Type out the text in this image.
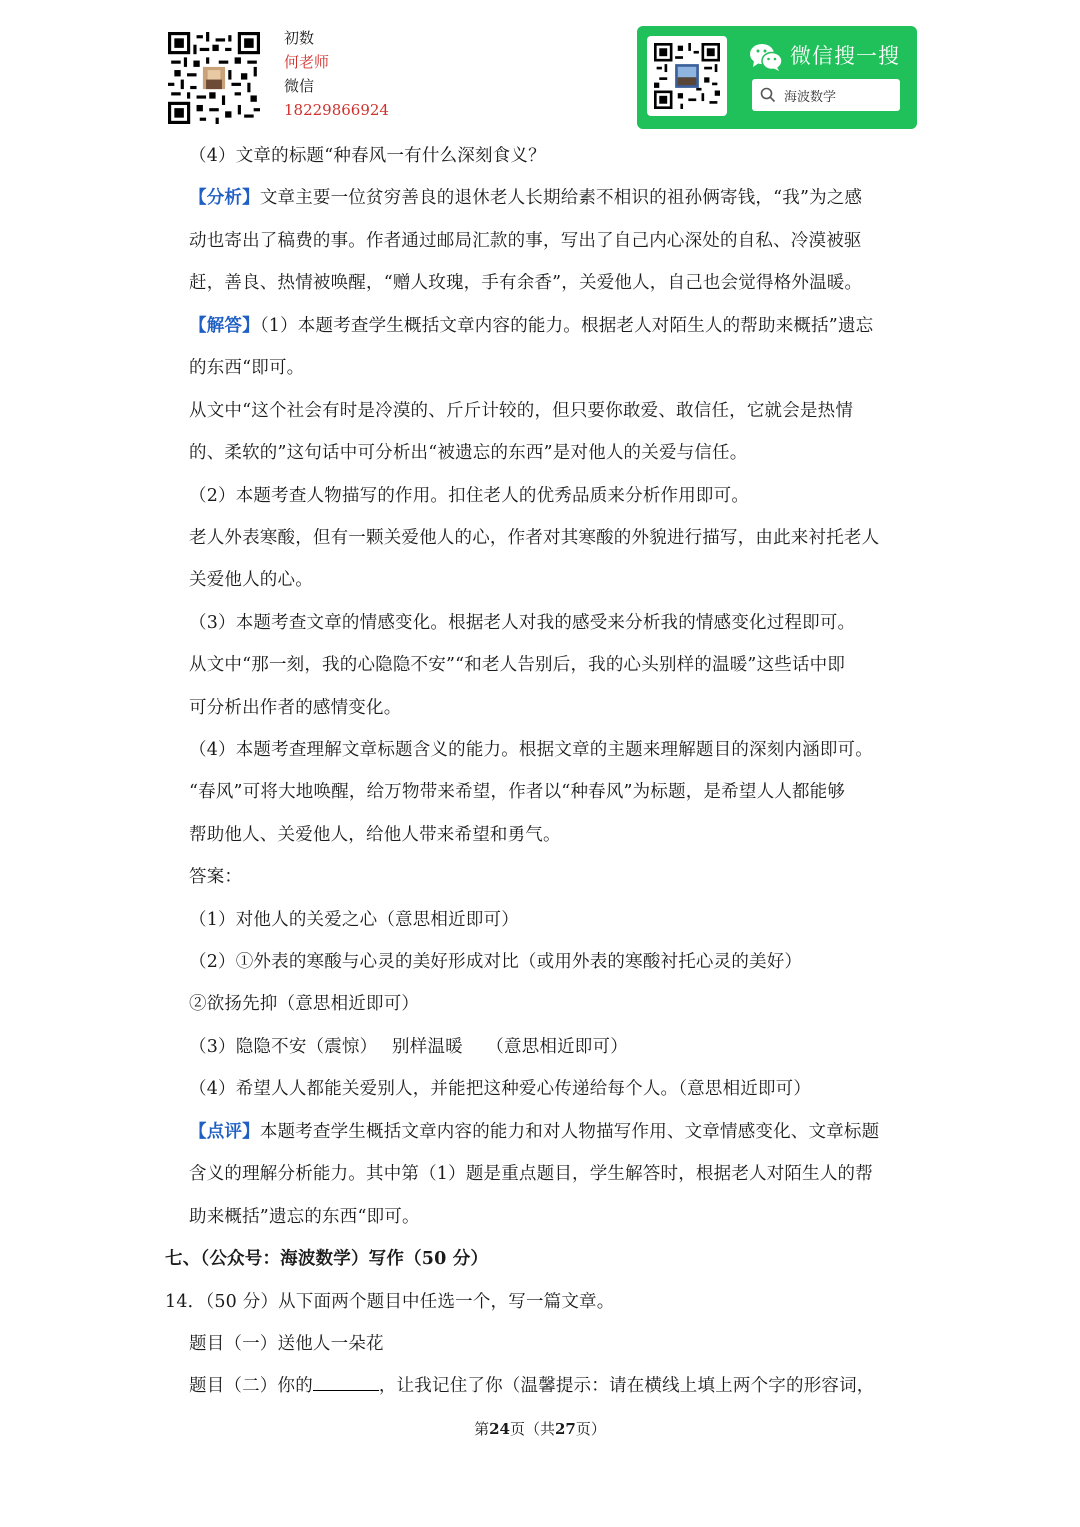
初数
何老师
微信
18229866924
微信搜一搜
海波数学
（4）文章的标题“种春风一有什么深刻食义？
【分析】文章主要一位贫穷善良的退休老人长期给素不相识的祖孙俩寄钱，“我”为之感
动也寄出了稿费的事。作者通过邮局汇款的事，写出了自己内心深处的自私、冷漠被驱
赶，善良、热情被唤醒，“赠人玫瑰，手有余香”，关爱他人，自己也会觉得格外温暖。
【解答】（1）本题考查学生概括文章内容的能力。根据老人对陌生人的帮助来概括”遗忘
的东西“即可。
从文中“这个社会有时是冷漠的、斤斤计较的，但只要你敢爱、敢信任，它就会是热情
的、柔软的”这句话中可分析出“被遗忘的东西”是对他人的关爱与信任。
（2）本题考查人物描写的作用。扣住老人的优秀品质来分析作用即可。
老人外表寒酸，但有一颗关爱他人的心，作者对其寒酸的外貌进行描写，由此来衬托老人
关爱他人的心。
（3）本题考查文章的情感变化。根据老人对我的感受来分析我的情感变化过程即可。
从文中“那一刻，我的心隐隐不安”“和老人告别后，我的心头别样的温暖”这些话中即
可分析出作者的感情变化。
（4）本题考查理解文章标题含义的能力。根据文章的主题来理解题目的深刻内涵即可。
“春风”可将大地唤醒，给万物带来希望，作者以“种春风”为标题，是希望人人都能够
帮助他人、关爱他人，给他人带来希望和勇气。
答案：
（1）对他人的关爱之心（意思相近即可）
（2）①外表的寒酸与心灵的美好形成对比（或用外表的寒酸衬托心灵的美好）
②欲扬先抑（意思相近即可）
（3）隐隐不安（震惊）　 别样温暖　 （意思相近即可）
（4）希望人人都能关爱别人，并能把这种爱心传递给每个人。（意思相近即可）
【点评】本题考查学生概括文章内容的能力和对人物描写作用、文章情感变化、文章标题
含义的理解分析能力。其中第（1）题是重点题目，学生解答时，根据老人对陌生人的帮
助来概括”遗忘的东西“即可。
七、（公众号：海波数学）写作（50 分）
14．（50 分）从下面两个题目中任选一个，写一篇文章。
题目（一）送他人一朵花
题目（二）你的	，让我记住了你（温馨提示：请在横线上填上两个字的形容词，
第24页（共27页）
